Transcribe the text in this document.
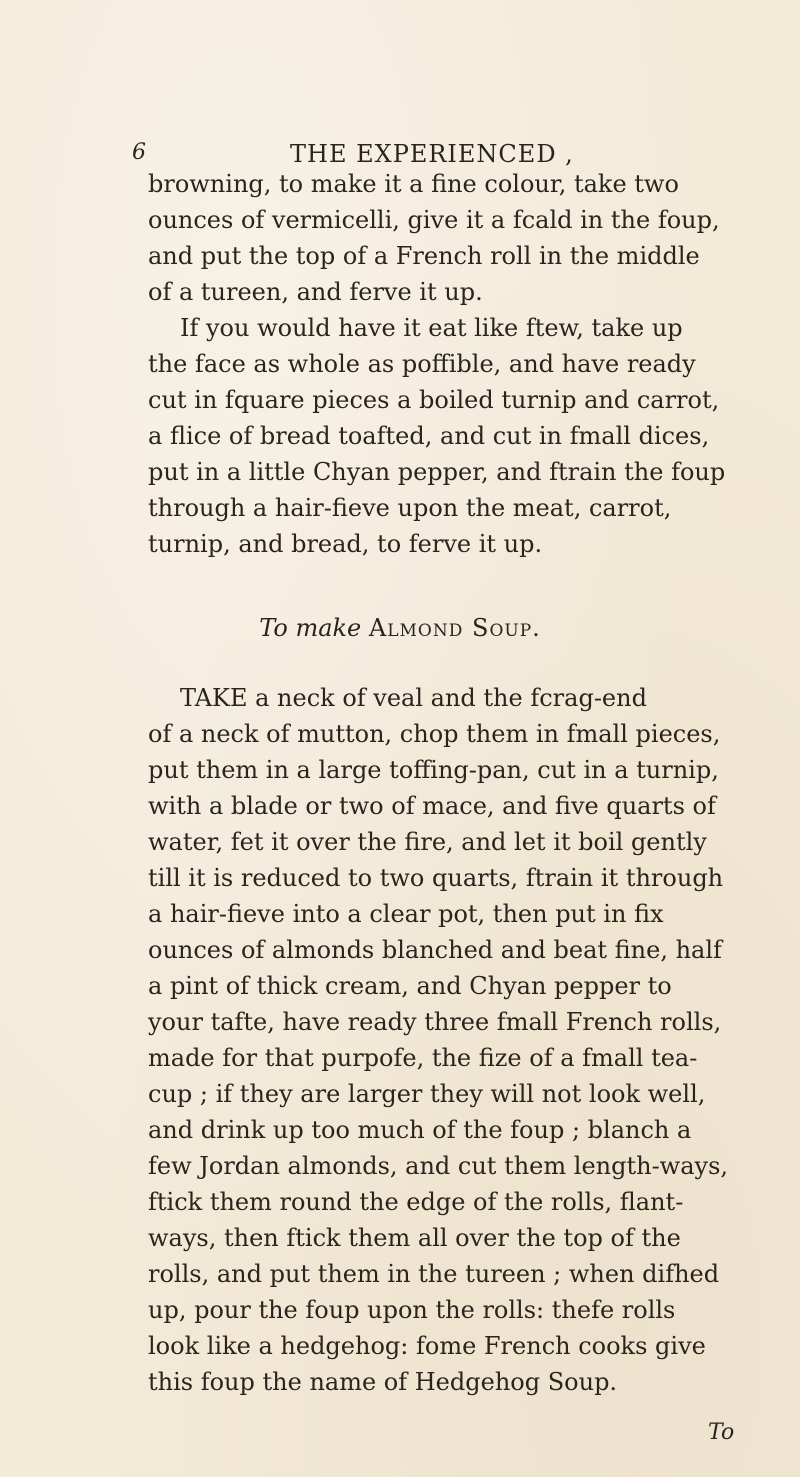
6	THE EXPERIENCED ,
browning, to make it a fine colour, take two
ounces of vermicelli, give it a fcald in the foup,
and put the top of a French roll in the middle
of a tureen, and ferve it up.
If you would have it eat like ftew, take up
the face as whole as poffible, and have ready
cut in fquare pieces a boiled turnip and carrot,
a flice of bread toafted, and cut in fmall dices,
put in a little Chyan pepper, and ftrain the foup
through a hair-fieve upon the meat, carrot,
turnip, and bread, to ferve it up.
To make Almond Soup.
TAKE a neck of veal and the fcrag-end
of a neck of mutton, chop them in fmall pieces,
put them in a large toffing-pan, cut in a turnip,
with a blade or two of mace, and five quarts of
water, fet it over the fire, and let it boil gently
till it is reduced to two quarts, ftrain it through
a hair-fieve into a clear pot, then put in fix
ounces of almonds blanched and beat fine, half
a pint of thick cream, and Chyan pepper to
your tafte, have ready three fmall French rolls,
made for that purpofe, the fize of a fmall tea-
cup ; if they are larger they will not look well,
and drink up too much of the foup ; blanch a
few Jordan almonds, and cut them length-ways,
ftick them round the edge of the rolls, flant-
ways, then ftick them all over the top of the
rolls, and put them in the tureen ; when difhed
up, pour the foup upon the rolls: thefe rolls
look like a hedgehog: fome French cooks give
this foup the name of Hedgehog Soup.
To
